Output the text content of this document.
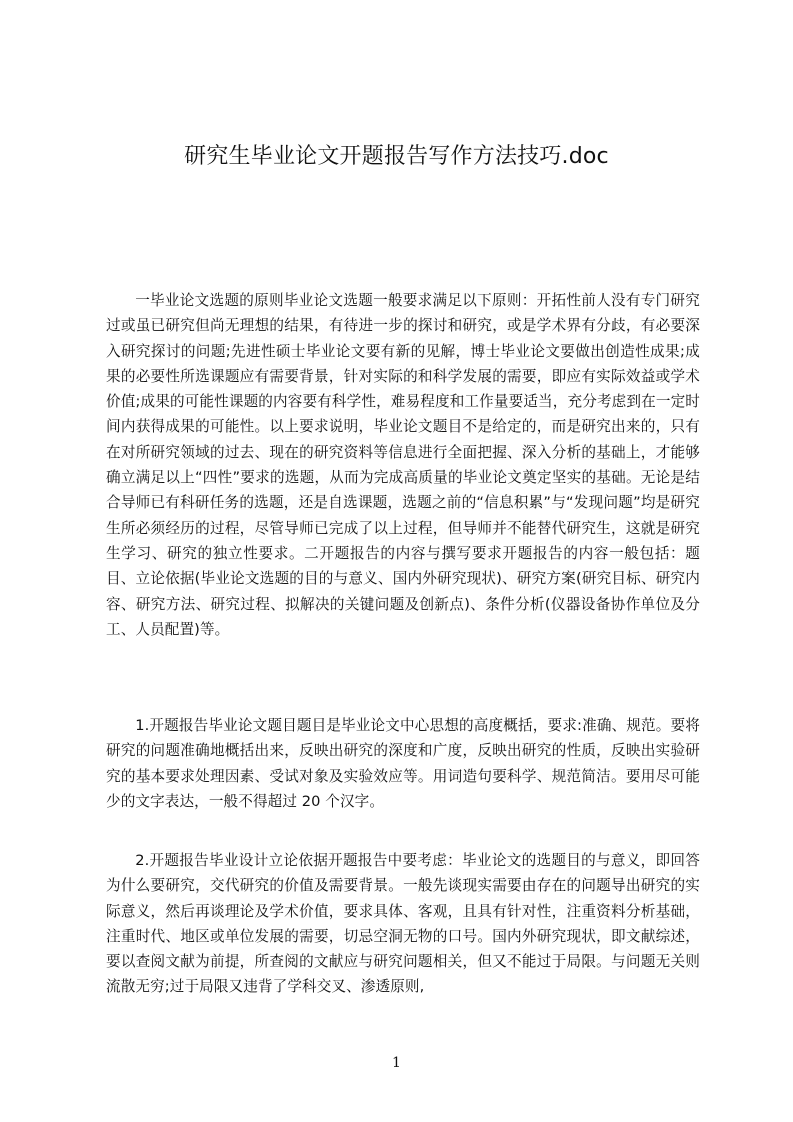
研究生毕业论文开题报告写作方法技巧.doc

一毕业论文选题的原则毕业论文选题一般要求满足以下原则：开拓性前人没有专门研究过或虽已研究但尚无理想的结果，有待进一步的探讨和研究，或是学术界有分歧，有必要深入研究探讨的问题;先进性硕士毕业论文要有新的见解，博士毕业论文要做出创造性成果;成果的必要性所选课题应有需要背景，针对实际的和科学发展的需要，即应有实际效益或学术价值;成果的可能性课题的内容要有科学性，难易程度和工作量要适当，充分考虑到在一定时间内获得成果的可能性。以上要求说明，毕业论文题目不是给定的，而是研究出来的，只有在对所研究领域的过去、现在的研究资料等信息进行全面把握、深入分析的基础上，才能够确立满足以上“四性”要求的选题，从而为完成高质量的毕业论文奠定坚实的基础。无论是结合导师已有科研任务的选题，还是自选课题，选题之前的“信息积累”与“发现问题”均是研究生所必须经历的过程，尽管导师已完成了以上过程，但导师并不能替代研究生，这就是研究生学习、研究的独立性要求。二开题报告的内容与撰写要求开题报告的内容一般包括：题目、立论依据(毕业论文选题的目的与意义、国内外研究现状)、研究方案(研究目标、研究内容、研究方法、研究过程、拟解决的关键问题及创新点)、条件分析(仪器设备协作单位及分工、人员配置)等。

1.开题报告毕业论文题目题目是毕业论文中心思想的高度概括，要求:准确、规范。要将研究的问题准确地概括出来，反映出研究的深度和广度，反映出研究的性质，反映出实验研究的基本要求处理因素、受试对象及实验效应等。用词造句要科学、规范简洁。要用尽可能少的文字表达，一般不得超过 20 个汉字。

2.开题报告毕业设计立论依据开题报告中要考虑：毕业论文的选题目的与意义，即回答为什么要研究，交代研究的价值及需要背景。一般先谈现实需要由存在的问题导出研究的实际意义，然后再谈理论及学术价值，要求具体、客观，且具有针对性，注重资料分析基础，注重时代、地区或单位发展的需要，切忌空洞无物的口号。国内外研究现状，即文献综述，要以查阅文献为前提，所查阅的文献应与研究问题相关，但又不能过于局限。与问题无关则流散无穷;过于局限又违背了学科交叉、渗透原则,

1
